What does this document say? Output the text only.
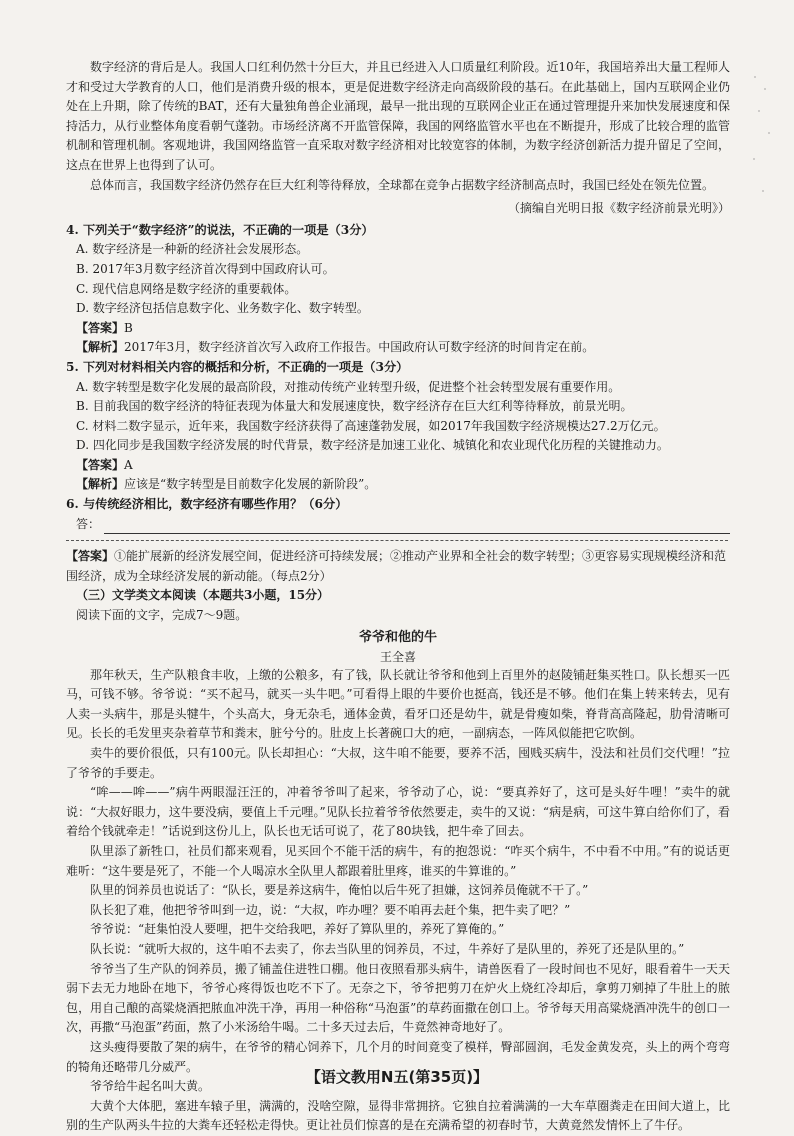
数字经济的背后是人。我国人口红利仍然十分巨大，并且已经进入人口质量红利阶段。近10年，我国培养出大量工程师人才和受过大学教育的人口，他们是消费升级的根本，更是促进数字经济走向高级阶段的基石。在此基础上，国内互联网企业仍处在上升期，除了传统的BAT，还有大量独角兽企业涌现，最早一批出现的互联网企业正在通过管理提升来加快发展速度和保持活力，从行业整体角度看朝气蓬勃。市场经济离不开监管保障，我国的网络监管水平也在不断提升，形成了比较合理的监管机制和管理机制。客观地讲，我国网络监管一直采取对数字经济相对比较宽容的体制，为数字经济创新活力提升留足了空间，这点在世界上也得到了认可。

总体而言，我国数字经济仍然存在巨大红利等待释放，全球都在竞争占据数字经济制高点时，我国已经处在领先位置。

（摘编自光明日报《数字经济前景光明》）

4. 下列关于“数字经济”的说法，不正确的一项是（3分）
A. 数字经济是一种新的经济社会发展形态。
B. 2017年3月数字经济首次得到中国政府认可。
C. 现代信息网络是数字经济的重要载体。
D. 数字经济包括信息数字化、业务数字化、数字转型。
【答案】B
【解析】2017年3月，数字经济首次写入政府工作报告。中国政府认可数字经济的时间肯定在前。
5. 下列对材料相关内容的概括和分析，不正确的一项是（3分）
A. 数字转型是数字化发展的最高阶段，对推动传统产业转型升级，促进整个社会转型发展有重要作用。
B. 目前我国的数字经济的特征表现为体量大和发展速度快，数字经济存在巨大红利等待释放，前景光明。
C. 材料二数字显示，近年来，我国数字经济获得了高速蓬勃发展，如2017年我国数字经济规模达27.2万亿元。
D. 四化同步是我国数字经济发展的时代背景，数字经济是加速工业化、城镇化和农业现代化历程的关键推动力。
【答案】A
【解析】应该是“数字转型是目前数字化发展的新阶段”。
6. 与传统经济相比，数字经济有哪些作用？（6分）
答：
【答案】①能扩展新的经济发展空间，促进经济可持续发展；②推动产业界和全社会的数字转型；③更容易实现规模经济和范围经济，成为全球经济发展的新动能。（每点2分）
（三）文学类文本阅读（本题共3小题，15分）
阅读下面的文字，完成7～9题。
爷爷和他的牛
王全喜

那年秋天，生产队粮食丰收，上缴的公粮多，有了钱，队长就让爷爷和他到上百里外的赵陵铺赶集买牲口。队长想买一匹马，可钱不够。爷爷说：“买不起马，就买一头牛吧。”可看得上眼的牛要价也挺高，钱还是不够。他们在集上转来转去，见有人卖一头病牛，那是头犍牛，个头高大，身无杂毛，通体金黄，看牙口还是幼牛，就是骨瘦如柴，脊背高高隆起，肋骨清晰可见。长长的毛发里夹杂着草节和粪末，脏兮兮的。肚皮上长著碗口大的疤，一副病态，一阵风似能把它吹倒。

卖牛的要价很低，只有100元。队长却担心：“大叔，这牛咱不能要，要养不活，囤贱买病牛，没法和社员们交代哩！”拉了爷爷的手要走。

“哞——哞——”病牛两眼湿汪汪的，冲着爷爷叫了起来，爷爷动了心，说：“要真养好了，这可是头好牛哩！”卖牛的就说：“大叔好眼力，这牛要没病，要值上千元哩。”见队长拉着爷爷依然要走，卖牛的又说：“病是病，可这牛算白给你们了，看着给个钱就牵走！”话说到这份儿上，队长也无话可说了，花了80块钱，把牛牵了回去。

队里添了新牲口，社员们都来观看，见买回个不能干活的病牛，有的抱怨说：“咋买个病牛，不中看不中用。”有的说话更难听：“这牛要是死了，不能一个人喝凉水全队里人都跟着肚里疼，谁买的牛算谁的。”

队里的饲养员也说话了：“队长，要是养这病牛，俺怕以后牛死了担嫌，这饲养员俺就不干了。”

队长犯了难，他把爷爷叫到一边，说：“大叔，咋办哩？要不咱再去赶个集，把牛卖了吧？”

爷爷说：“赶集怕没人要哩，把牛交给我吧，养好了算队里的，养死了算俺的。”

队长说：“就听大叔的，这牛咱不去卖了，你去当队里的饲养员，不过，牛养好了是队里的，养死了还是队里的。”

爷爷当了生产队的饲养员，搬了铺盖住进牲口棚。他日夜照看那头病牛，请兽医看了一段时间也不见好，眼看着牛一天天弱下去无力地卧在地下，爷爷心疼得饭也吃不下了。无奈之下，爷爷把剪刀在炉火上烧红冷却后，拿剪刀剜掉了牛肚上的脓包，用自己酿的高粱烧酒把脓血冲洗干净，再用一种俗称“马泡蛋”的草药面撒在创口上。爷爷每天用高粱烧酒冲洗牛的创口一次，再撒“马泡蛋”药面，熬了小米汤给牛喝。二十多天过去后，牛竟然神奇地好了。

这头瘦得要散了架的病牛，在爷爷的精心饲养下，几个月的时间竟变了模样，臀部圆润，毛发金黄发亮，头上的两个弯弯的犄角还略带几分威严。

爷爷给牛起名叫大黄。

大黄个大体肥，塞进车辕子里，满满的，没啥空隙，显得非常拥挤。它独自拉着满满的一大车草圈粪走在田间大道上，比别的生产队两头牛拉的大粪车还轻松走得快。更让社员们惊喜的是在充满希望的初春时节，大黄竟然发情怀上了牛仔。

【语文教用N五(第35页)】
